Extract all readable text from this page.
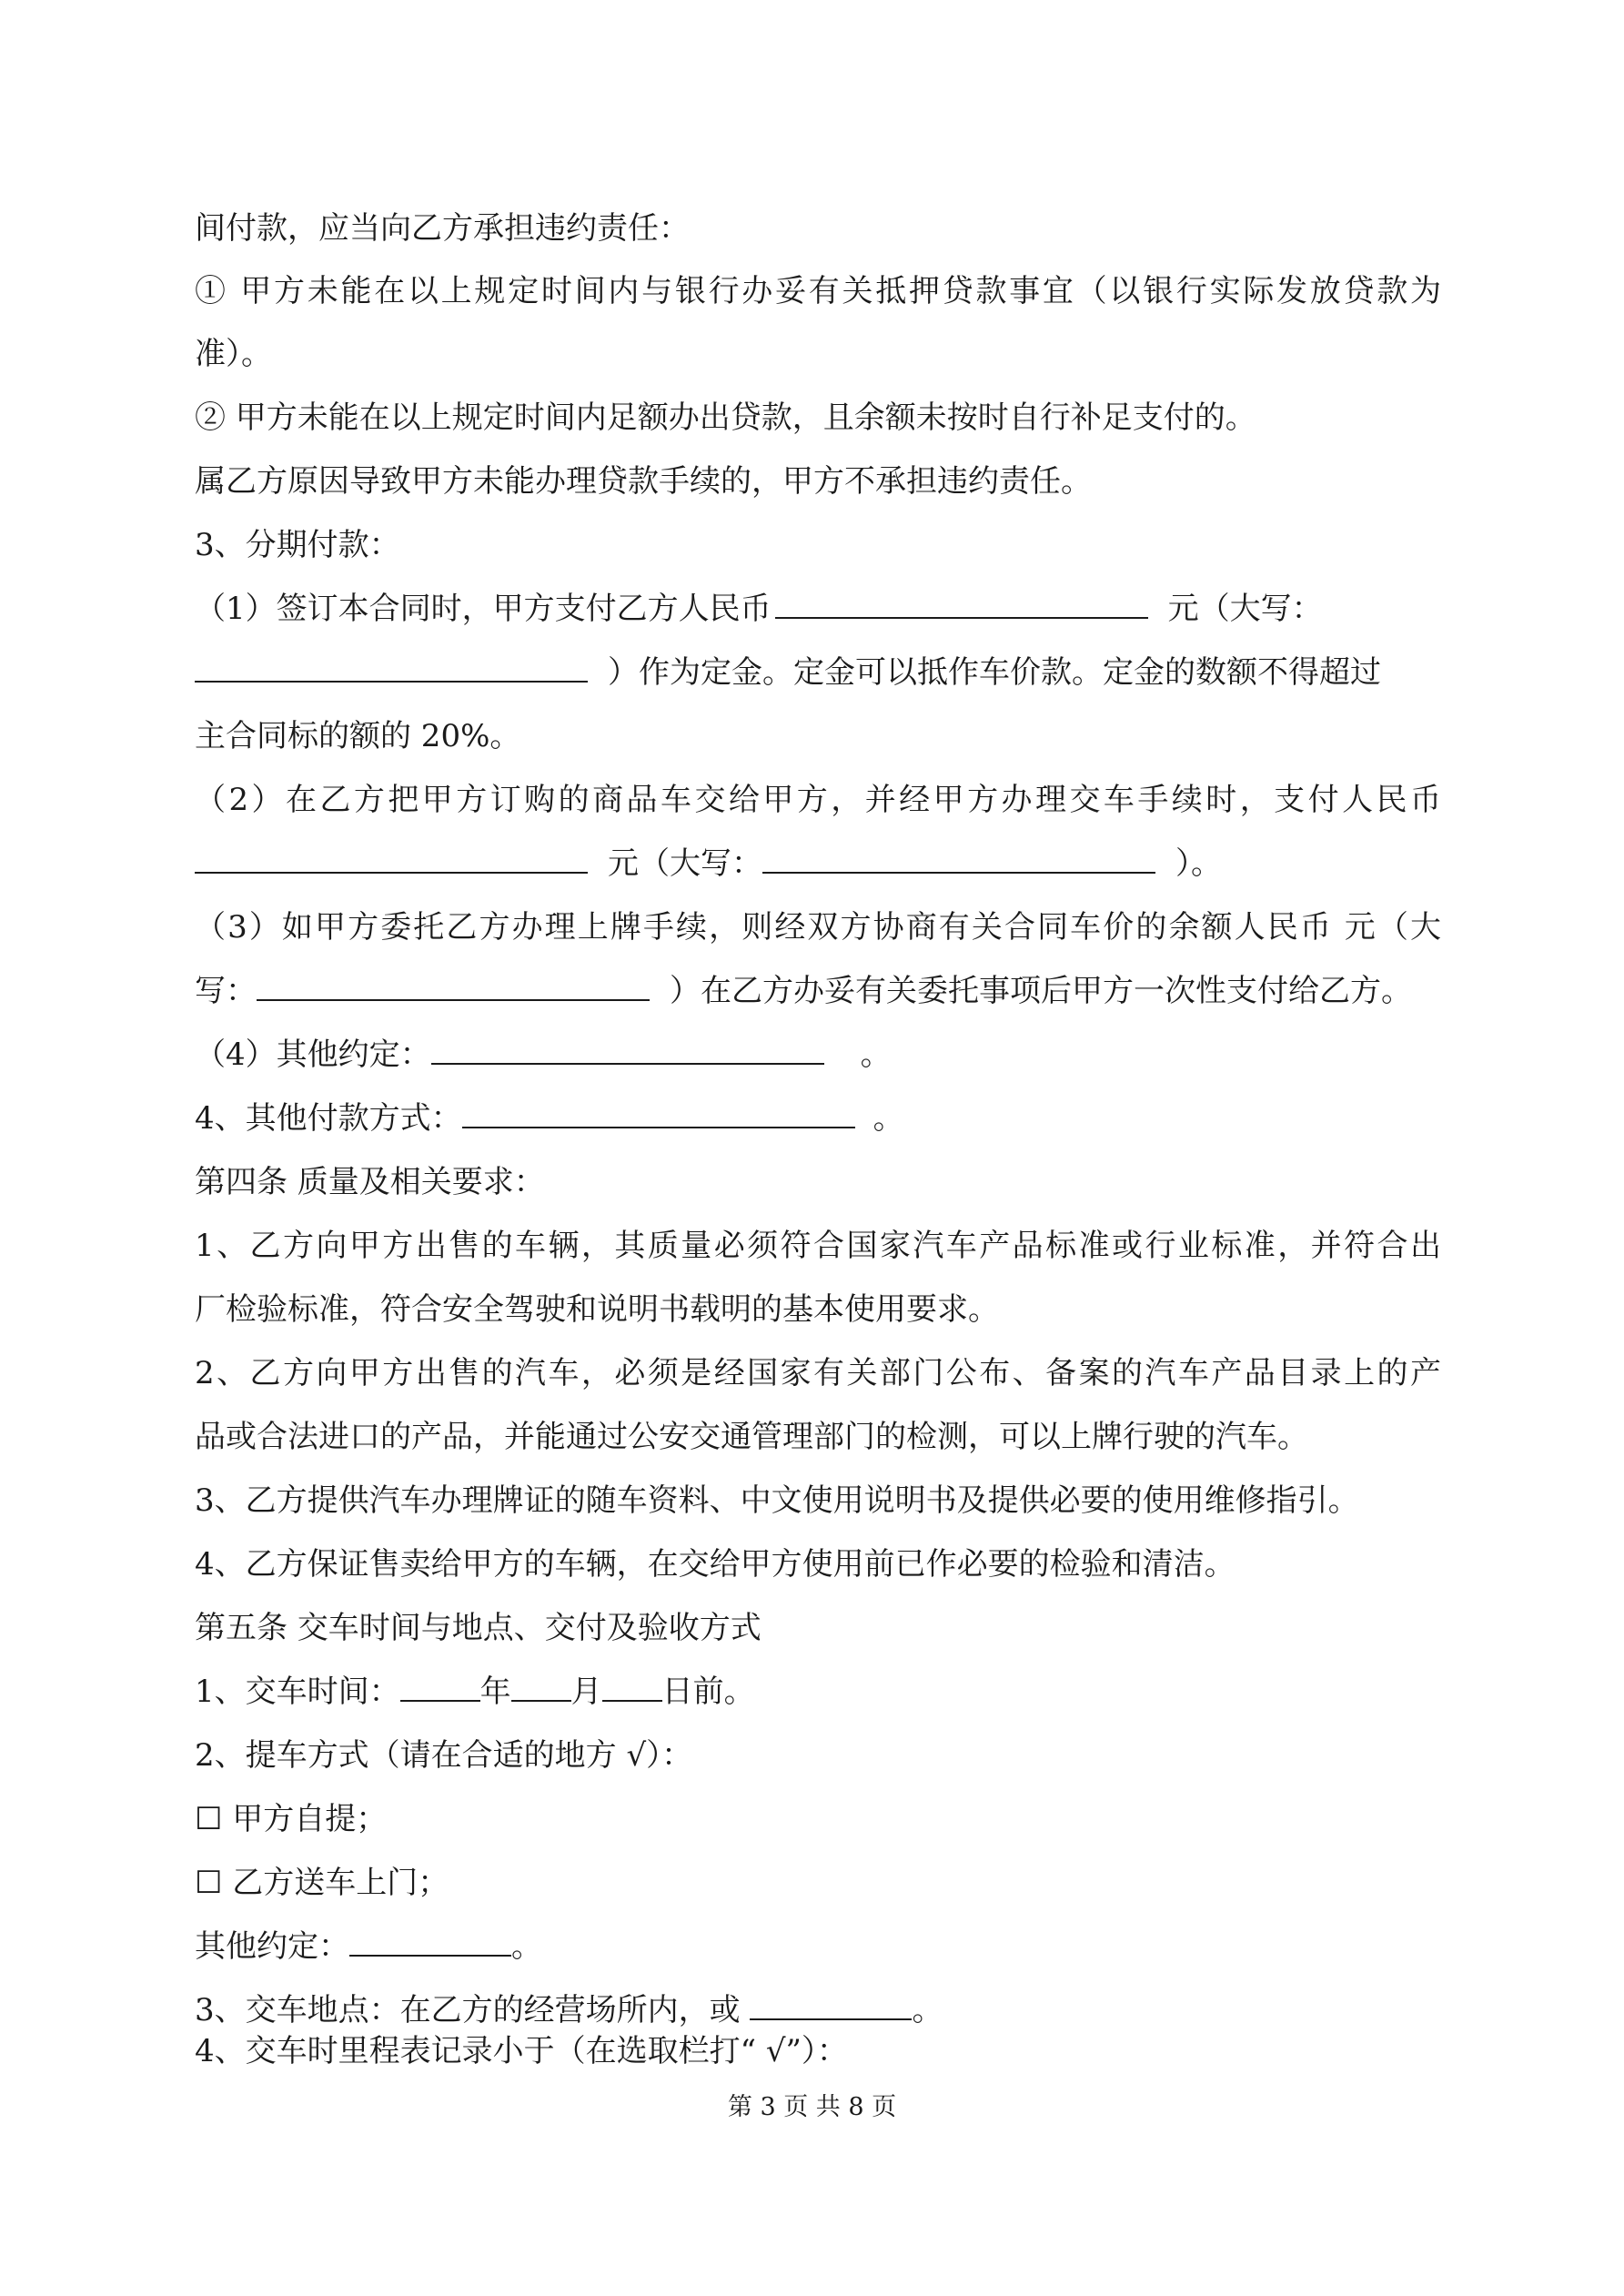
间付款，应当向乙方承担违约责任：
① 甲方未能在以上规定时间内与银行办妥有关抵押贷款事宜（以银行实际发放贷款为
准）。
② 甲方未能在以上规定时间内足额办出贷款，且余额未按时自行补足支付的。
属乙方原因导致甲方未能办理贷款手续的，甲方不承担违约责任。
3、分期付款：
（1）签订本合同时，甲方支付乙方人民币	元（大写：
）作为定金。定金可以抵作车价款。定金的数额不得超过
主合同标的额的 20%。
（2）在乙方把甲方订购的商品车交给甲方，并经甲方办理交车手续时，支付人民币
元（大写：	）。
（3）如甲方委托乙方办理上牌手续，则经双方协商有关合同车价的余额人民币 元（大
写：	）在乙方办妥有关委托事项后甲方一次性支付给乙方。
（4）其他约定：	。
4、其他付款方式：	。
第四条 质量及相关要求：
1、乙方向甲方出售的车辆，其质量必须符合国家汽车产品标准或行业标准，并符合出
厂检验标准，符合安全驾驶和说明书载明的基本使用要求。
2、乙方向甲方出售的汽车，必须是经国家有关部门公布、备案的汽车产品目录上的产
品或合法进口的产品，并能通过公安交通管理部门的检测，可以上牌行驶的汽车。
3、乙方提供汽车办理牌证的随车资料、中文使用说明书及提供必要的使用维修指引。
4、乙方保证售卖给甲方的车辆，在交给甲方使用前已作必要的检验和清洁。
第五条 交车时间与地点、交付及验收方式
1、交车时间：	年 月 日前。
2、提车方式（请在合适的地方 √）：
☐ 甲方自提；
☐ 乙方送车上门；
其他约定：	。
3、交车地点：在乙方的经营场所内，或	。
4、交车时里程表记录小于（在选取栏打“ √”）：
第 3 页 共 8 页
